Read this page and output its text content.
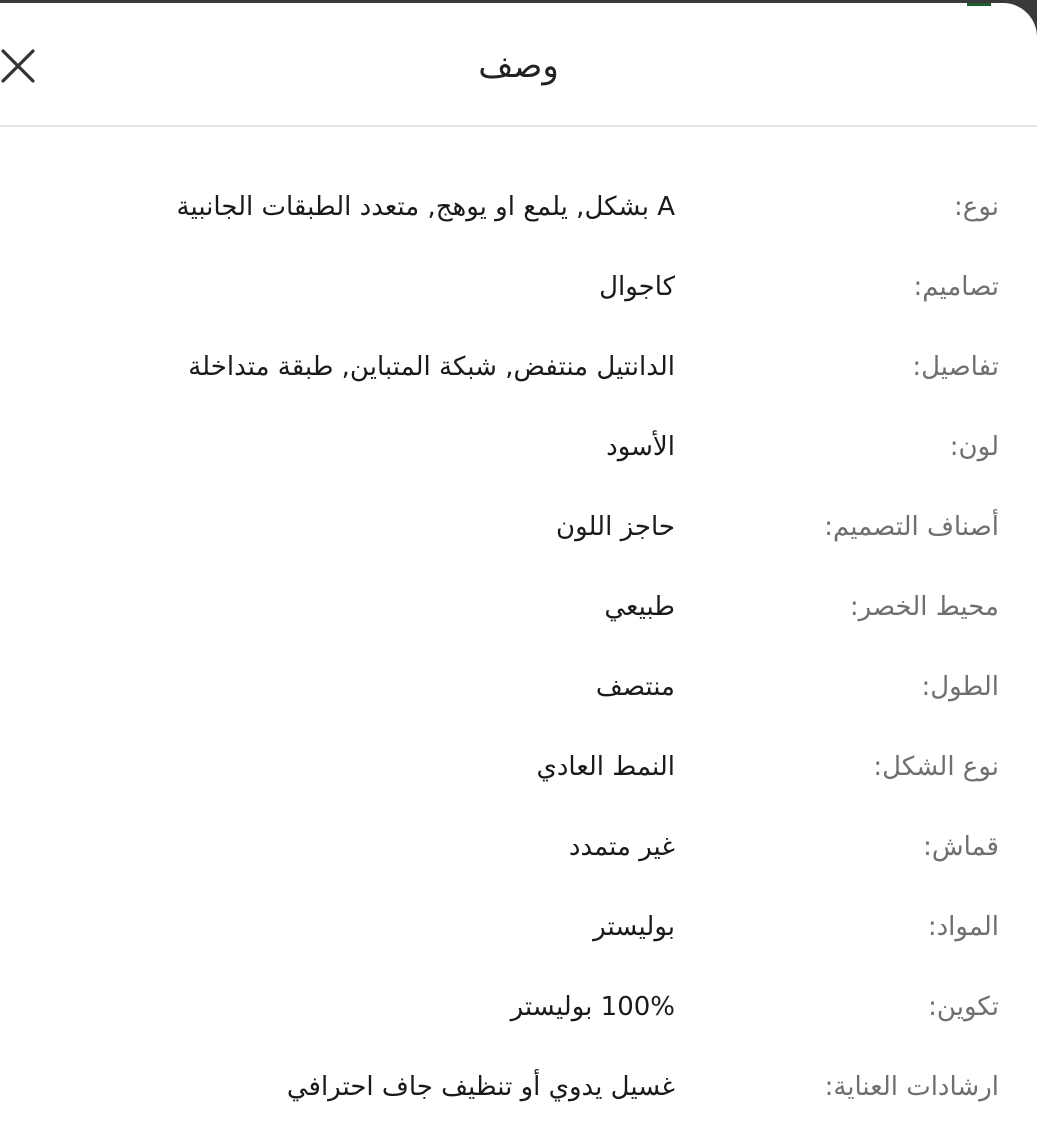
وصف
نوع:
A بشكل, يلمع او يوهج, متعدد الطبقات الجانبية
تصاميم:
كاجوال
تفاصيل:
الدانتيل منتفض, شبكة المتباين, طبقة متداخلة
لون:
الأسود
أصناف التصميم:
حاجز اللون
محيط الخصر:
طبيعي
الطول:
منتصف
نوع الشكل:
النمط العادي
قماش:
غير متمدد
المواد:
بوليستر
تكوين:
100% بوليستر
ارشادات العناية:
غسيل يدوي أو تنظيف جاف احترافي
